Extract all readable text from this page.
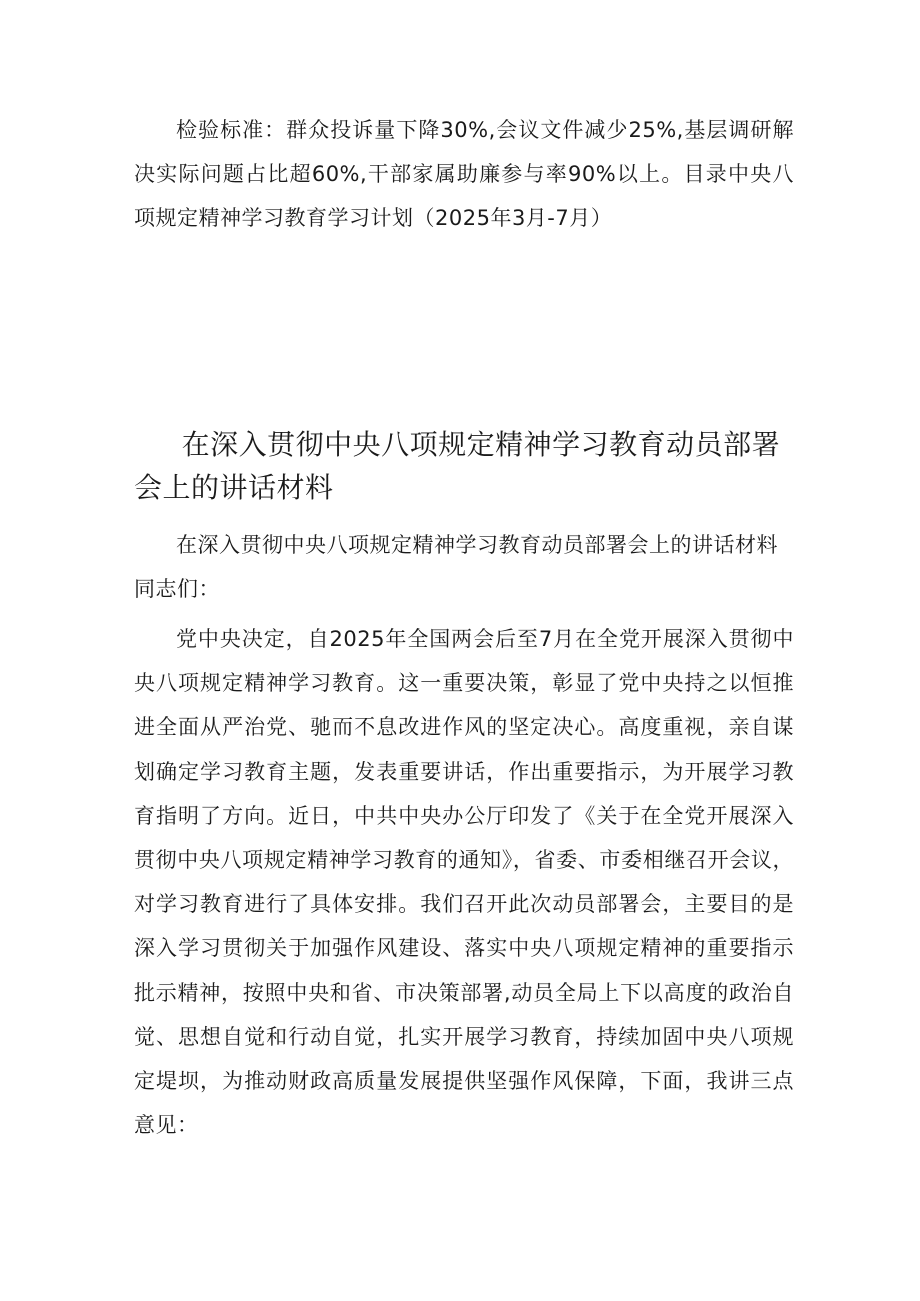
检验标准：群众投诉量下降30%,会议文件减少25%,基层调研解决实际问题占比超60%,干部家属助廉参与率90%以上。目录中央八项规定精神学习教育学习计划（2025年3月-7月）

在深入贯彻中央八项规定精神学习教育动员部署会上的讲话材料

在深入贯彻中央八项规定精神学习教育动员部署会上的讲话材料

同志们：

党中央决定，自2025年全国两会后至7月在全党开展深入贯彻中央八项规定精神学习教育。这一重要决策，彰显了党中央持之以恒推进全面从严治党、驰而不息改进作风的坚定决心。高度重视，亲自谋划确定学习教育主题，发表重要讲话，作出重要指示，为开展学习教育指明了方向。近日，中共中央办公厅印发了《关于在全党开展深入贯彻中央八项规定精神学习教育的通知》，省委、市委相继召开会议，对学习教育进行了具体安排。我们召开此次动员部署会，主要目的是深入学习贯彻关于加强作风建设、落实中央八项规定精神的重要指示批示精神，按照中央和省、市决策部署,动员全局上下以高度的政治自觉、思想自觉和行动自觉，扎实开展学习教育，持续加固中央八项规定堤坝，为推动财政高质量发展提供坚强作风保障，下面，我讲三点意见：
